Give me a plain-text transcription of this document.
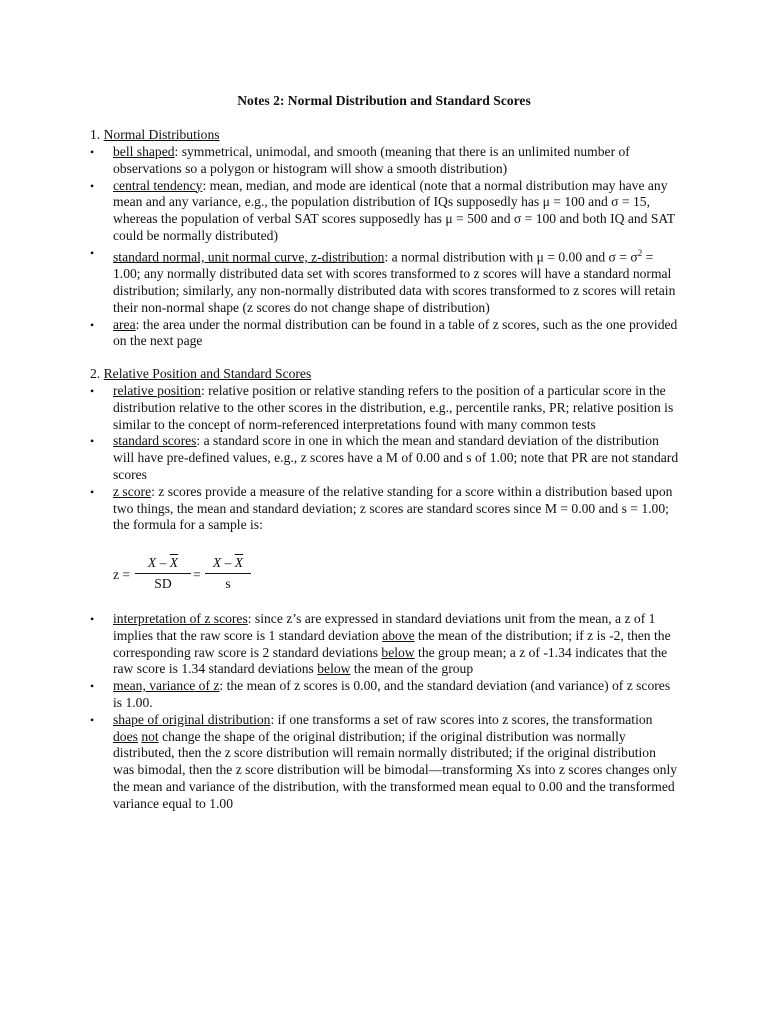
Notes 2: Normal Distribution and Standard Scores
1. Normal Distributions
• bell shaped: symmetrical, unimodal, and smooth (meaning that there is an unlimited number of observations so a polygon or histogram will show a smooth distribution)
• central tendency: mean, median, and mode are identical (note that a normal distribution may have any mean and any variance, e.g., the population distribution of IQs supposedly has μ = 100 and σ = 15, whereas the population of verbal SAT scores supposedly has μ = 500 and σ = 100 and both IQ and SAT could be normally distributed)
• standard normal, unit normal curve, z-distribution: a normal distribution with μ = 0.00 and $\sigma = \sigma^2 = 1.00$; any normally distributed data set with scores transformed to z scores will have a standard normal distribution; similarly, any non-normally distributed data with scores transformed to z scores will retain their non-normal shape (z scores do not change shape of distribution)
• area: the area under the normal distribution can be found in a table of z scores, such as the one provided on the next page
2. Relative Position and Standard Scores
• relative position: relative position or relative standing refers to the position of a particular score in the distribution relative to the other scores in the distribution, e.g., percentile ranks, PR; relative position is similar to the concept of norm-referenced interpretations found with many common tests
• standard scores: a standard score in one in which the mean and standard deviation of the distribution will have pre-defined values, e.g., z scores have a M of 0.00 and s of 1.00; note that PR are not standard scores
• z score: z scores provide a measure of the relative standing for a score within a distribution based upon two things, the mean and standard deviation; z scores are standard scores since M = 0.00 and s = 1.00; the formula for a sample is:
$z = \frac{X - \overline{X}}{SD} = \frac{X - \overline{X}}{s}$
• interpretation of z scores: since z’s are expressed in standard deviations unit from the mean, a z of 1 implies that the raw score is 1 standard deviation above the mean of the distribution; if z is -2, then the corresponding raw score is 2 standard deviations below the group mean; a z of -1.34 indicates that the raw score is 1.34 standard deviations below the mean of the group
• mean, variance of z: the mean of z scores is 0.00, and the standard deviation (and variance) of z scores is 1.00.
• shape of original distribution: if one transforms a set of raw scores into z scores, the transformation does not change the shape of the original distribution; if the original distribution was normally distributed, then the z score distribution will remain normally distributed; if the original distribution was bimodal, then the z score distribution will be bimodal—transforming Xs into z scores changes only the mean and variance of the distribution, with the transformed mean equal to 0.00 and the transformed variance equal to 1.00
